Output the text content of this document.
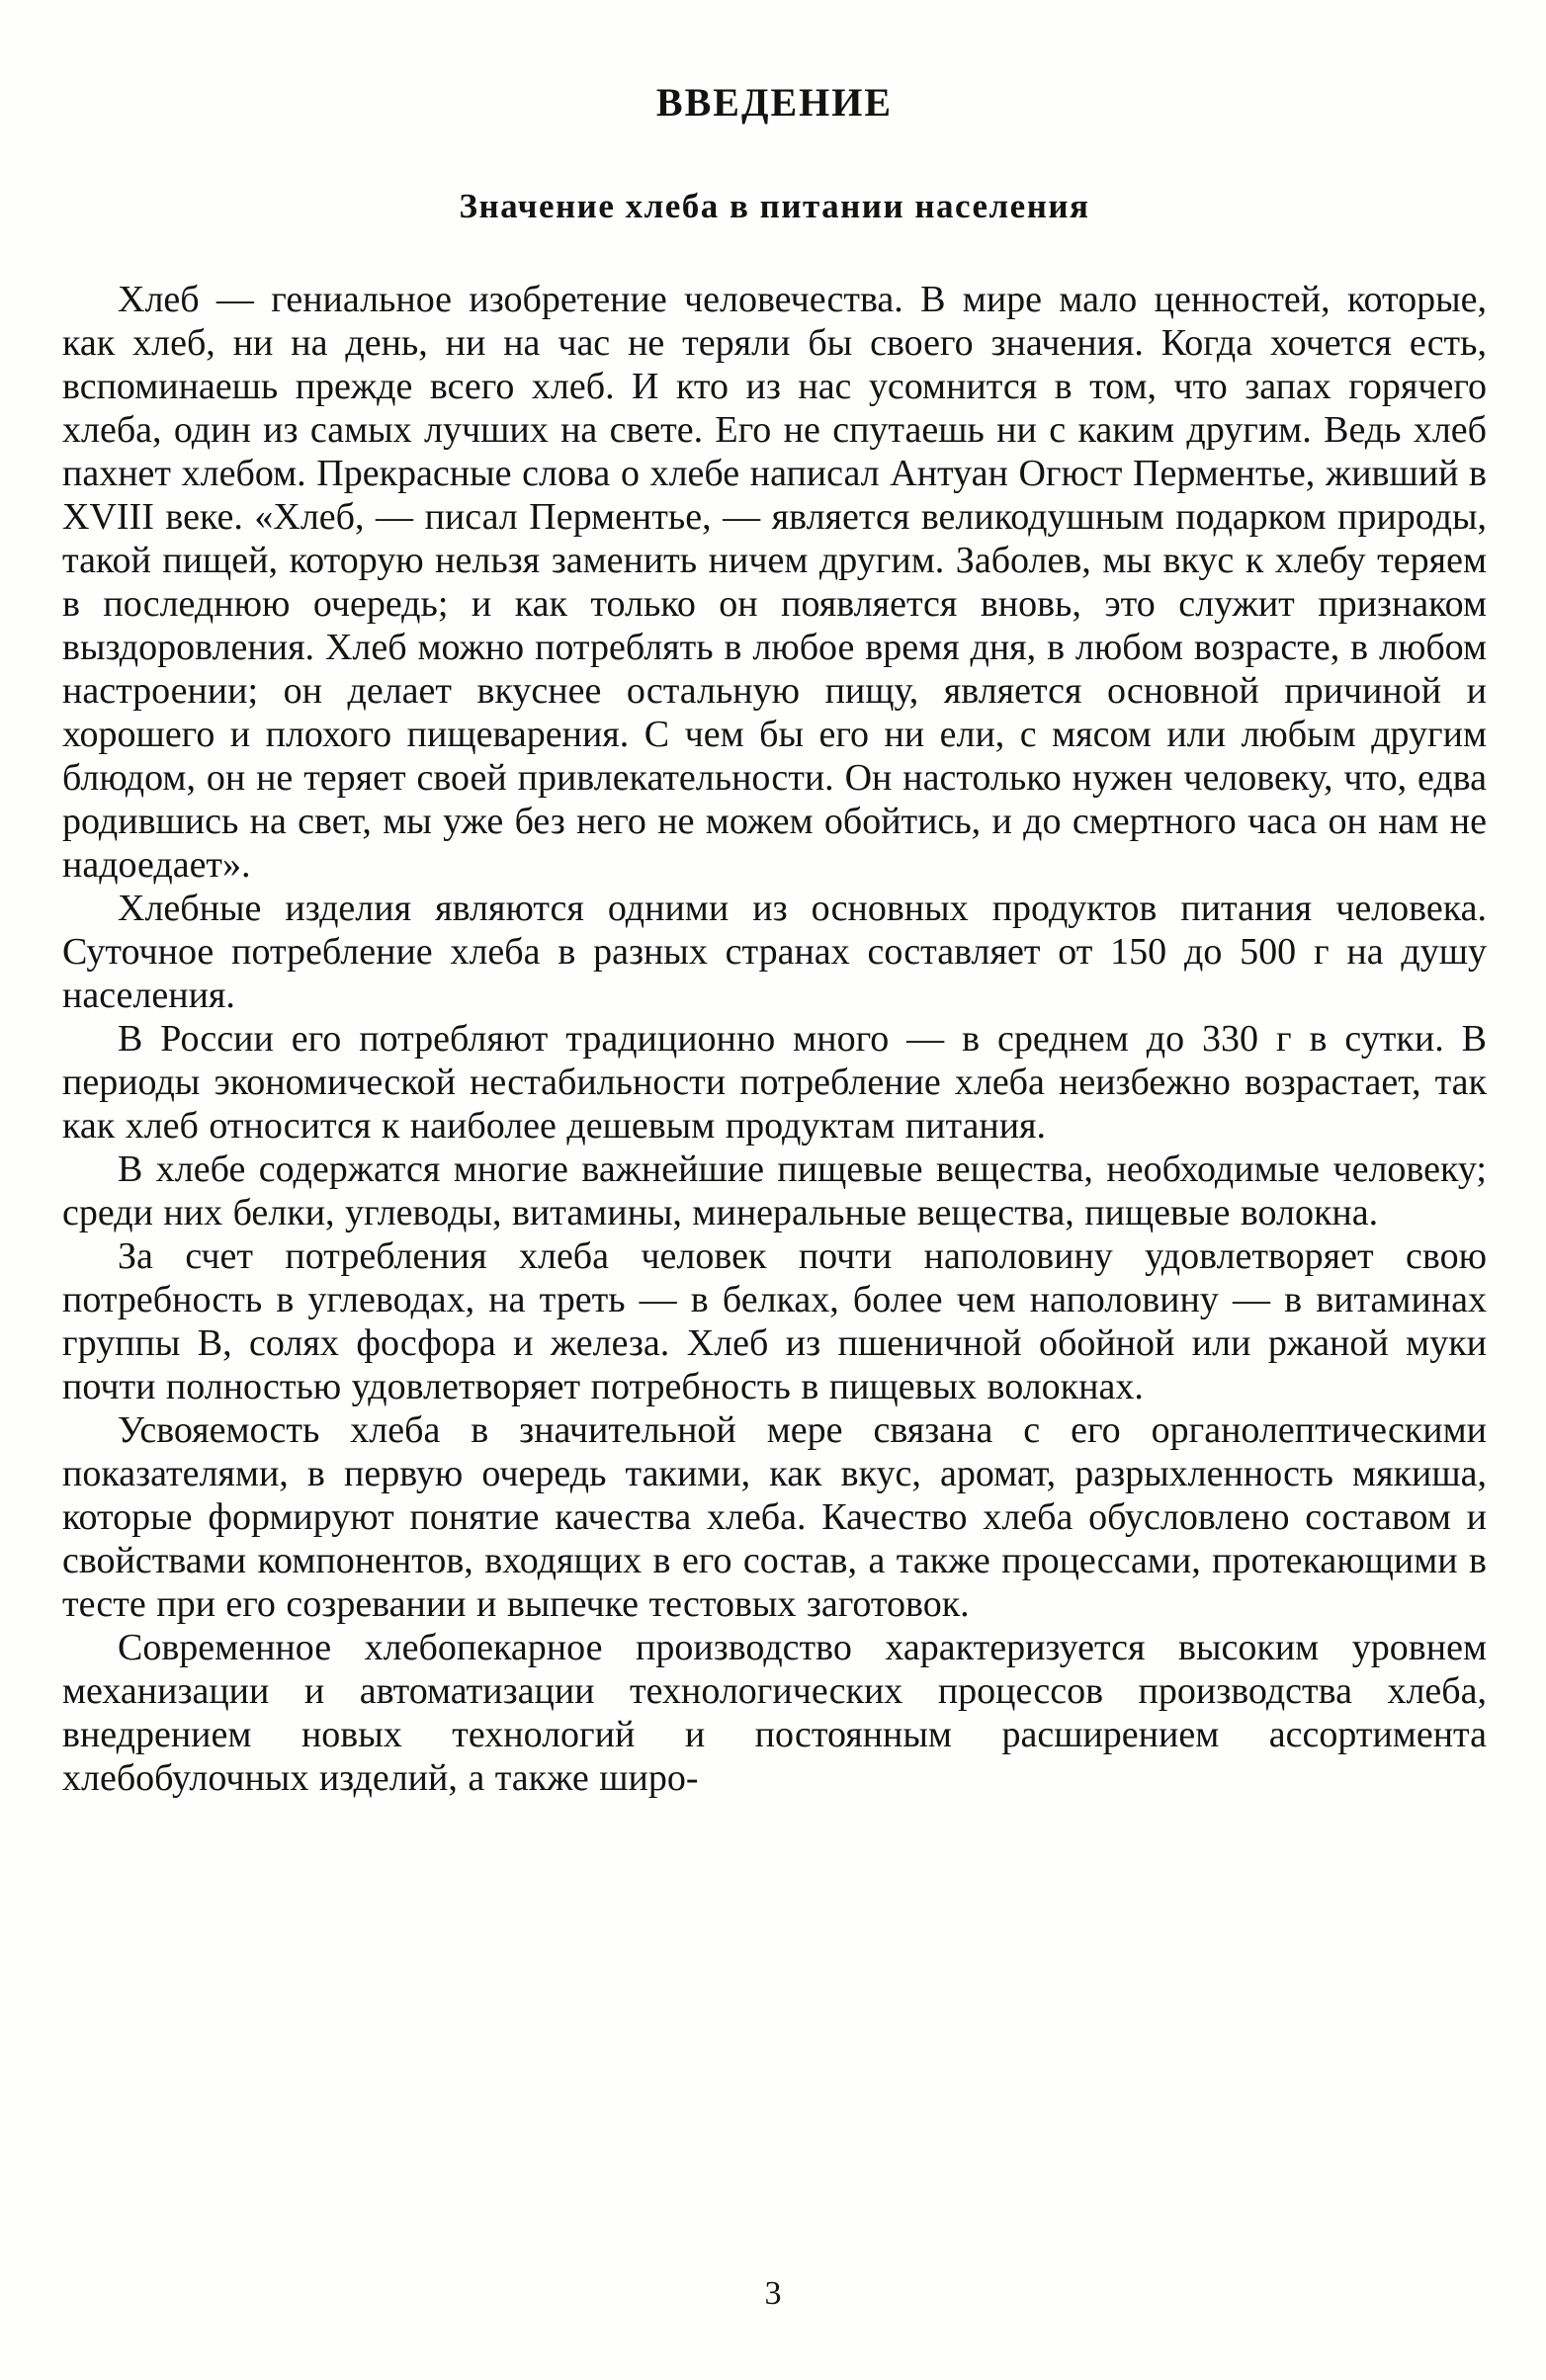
ВВЕДЕНИЕ
Значение хлеба в питании населения

Хлеб — гениальное изобретение человечества. В мире мало ценностей, которые, как хлеб, ни на день, ни на час не теряли бы своего значения. Когда хочется есть, вспоминаешь прежде всего хлеб. И кто из нас усомнится в том, что запах горячего хлеба, один из самых лучших на свете. Его не спутаешь ни с каким другим. Ведь хлеб пахнет хлебом. Прекрасные слова о хлебе написал Антуан Огюст Перментье, живший в XVIII веке. «Хлеб, — писал Перментье, — является великодушным подарком природы, такой пищей, которую нельзя заменить ничем другим. Заболев, мы вкус к хлебу теряем в последнюю очередь; и как только он появляется вновь, это служит признаком выздоровления. Хлеб можно потреблять в любое время дня, в любом возрасте, в любом настроении; он делает вкуснее остальную пищу, является основной причиной и хорошего и плохого пищеварения. С чем бы его ни ели, с мясом или любым другим блюдом, он не теряет своей привлекательности. Он настолько нужен человеку, что, едва родившись на свет, мы уже без него не можем обойтись, и до смертного часа он нам не надоедает».

Хлебные изделия являются одними из основных продуктов питания человека. Суточное потребление хлеба в разных странах составляет от 150 до 500 г на душу населения.

В России его потребляют традиционно много — в среднем до 330 г в сутки. В периоды экономической нестабильности потребление хлеба неизбежно возрастает, так как хлеб относится к наиболее дешевым продуктам питания.

В хлебе содержатся многие важнейшие пищевые вещества, необходимые человеку; среди них белки, углеводы, витамины, минеральные вещества, пищевые волокна.

За счет потребления хлеба человек почти наполовину удовлетворяет свою потребность в углеводах, на треть — в белках, более чем наполовину — в витаминах группы В, солях фосфора и железа. Хлеб из пшеничной обойной или ржаной муки почти полностью удовлетворяет потребность в пищевых волокнах.

Усвояемость хлеба в значительной мере связана с его органолептическими показателями, в первую очередь такими, как вкус, аромат, разрыхленность мякиша, которые формируют понятие качества хлеба. Качество хлеба обусловлено составом и свойствами компонентов, входящих в его состав, а также процессами, протекающими в тесте при его созревании и выпечке тестовых заготовок.

Современное хлебопекарное производство характеризуется высоким уровнем механизации и автоматизации технологических процессов производства хлеба, внедрением новых технологий и постоянным расширением ассортимента хлебобулочных изделий, а также широ-

3
